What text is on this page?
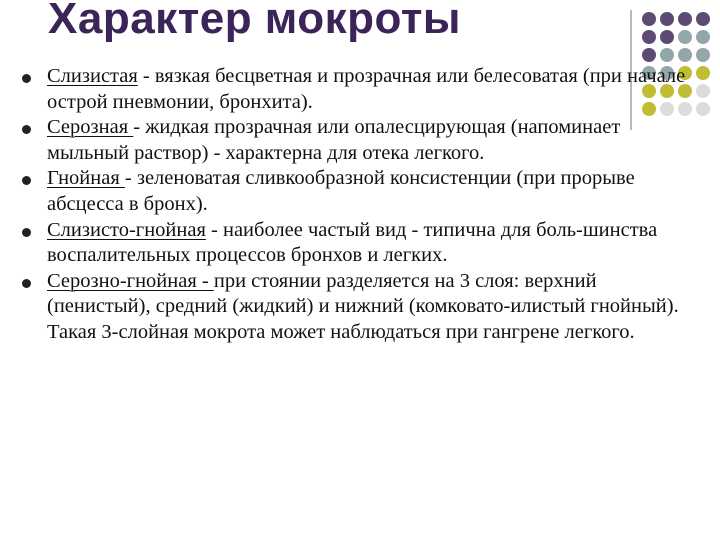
Характер мокроты
Слизистая - вязкая бесцветная и прозрачная или белесоватая (при начале острой пневмонии, бронхита).
Серозная - жидкая прозрачная или опалесцирующая (напоминает мыльный раствор) - характерна для отека легкого.
Гнойная - зеленоватая сливкообразной консистенции (при прорыве абсцесса в бронх).
Слизисто-гнойная - наиболее частый вид - типична для боль-шинства воспалительных процессов бронхов и легких.
Серозно-гнойная - при стоянии разделяется на 3 слоя: верхний (пенистый), средний (жидкий) и нижний (комковато-илистый гнойный). Такая 3-слойная мокрота может наблюдаться при гангрене легкого.
